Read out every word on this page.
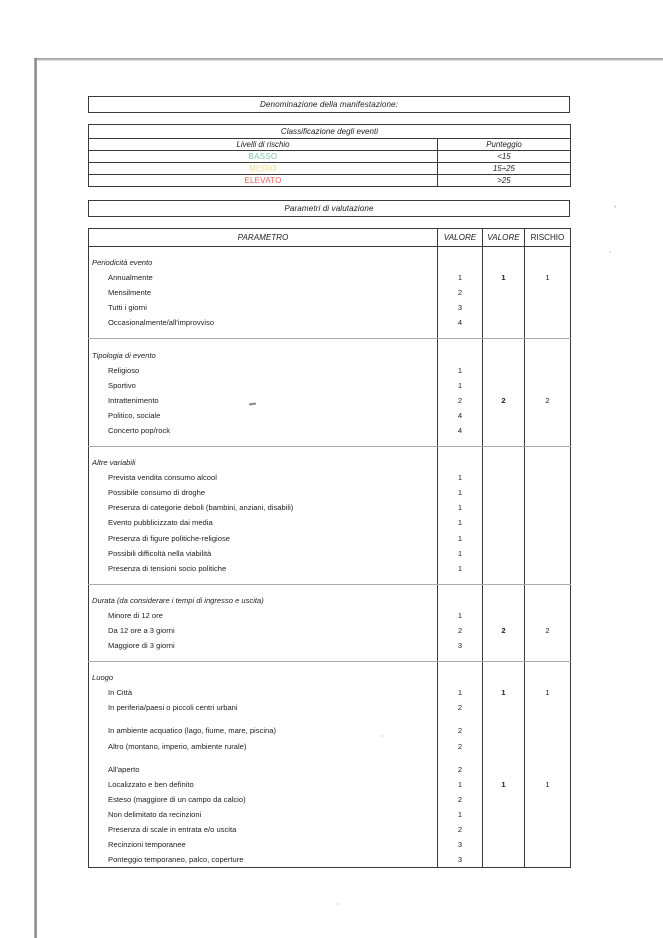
Denominazione della manifestazione:
Classificazione degli eventi	
Livelli di rischio	Punteggio
BASSO	<15
MEDIO	15÷25
ELEVATO	>25
Parametri di valutazione
PARAMETRO	VALORE	VALORE	RISCHIO

Periodicità evento			
Annualmente	1	1	1
Mensilmente	2		
Tutti i giorni	3		
Occasionalmente/all'improvviso	4		

Tipologia di evento			
Religioso	1		
Sportivo	1		
Intrattenimento	2	2	2
Politico, sociale	4		
Concerto pop/rock	4		

Altre variabili			
Prevista vendita consumo alcool	1		
Possibile consumo di droghe	1		
Presenza di categorie deboli (bambini, anziani, disabili)	1		
Evento pubblicizzato dai media	1		
Presenza di figure politiche-religiose	1		
Possibili difficoltà nella viabilità	1		
Presenza di tensioni socio politiche	1		

Durata (da considerare i tempi di ingresso e uscita)			
Minore di 12 ore	1		
Da 12 ore a 3 giorni	2	2	2
Maggiore di 3 giorni	3		

Luogo			
In Città	1	1	1
In periferia/paesi o piccoli centri urbani	2		

In ambiente acquatico (lago, fiume, mare, piscina)	2		
Altro (montano, imperio, ambiente rurale)	2		

All'aperto	2		
Localizzato e ben definito	1	1	1
Esteso (maggiore di un campo da calcio)	2		
Non delimitato da recinzioni	1		
Presenza di scale in entrata e/o uscita	2		
Recinzioni temporanee	3		
Ponteggio temporaneo, palco, coperture	3		
